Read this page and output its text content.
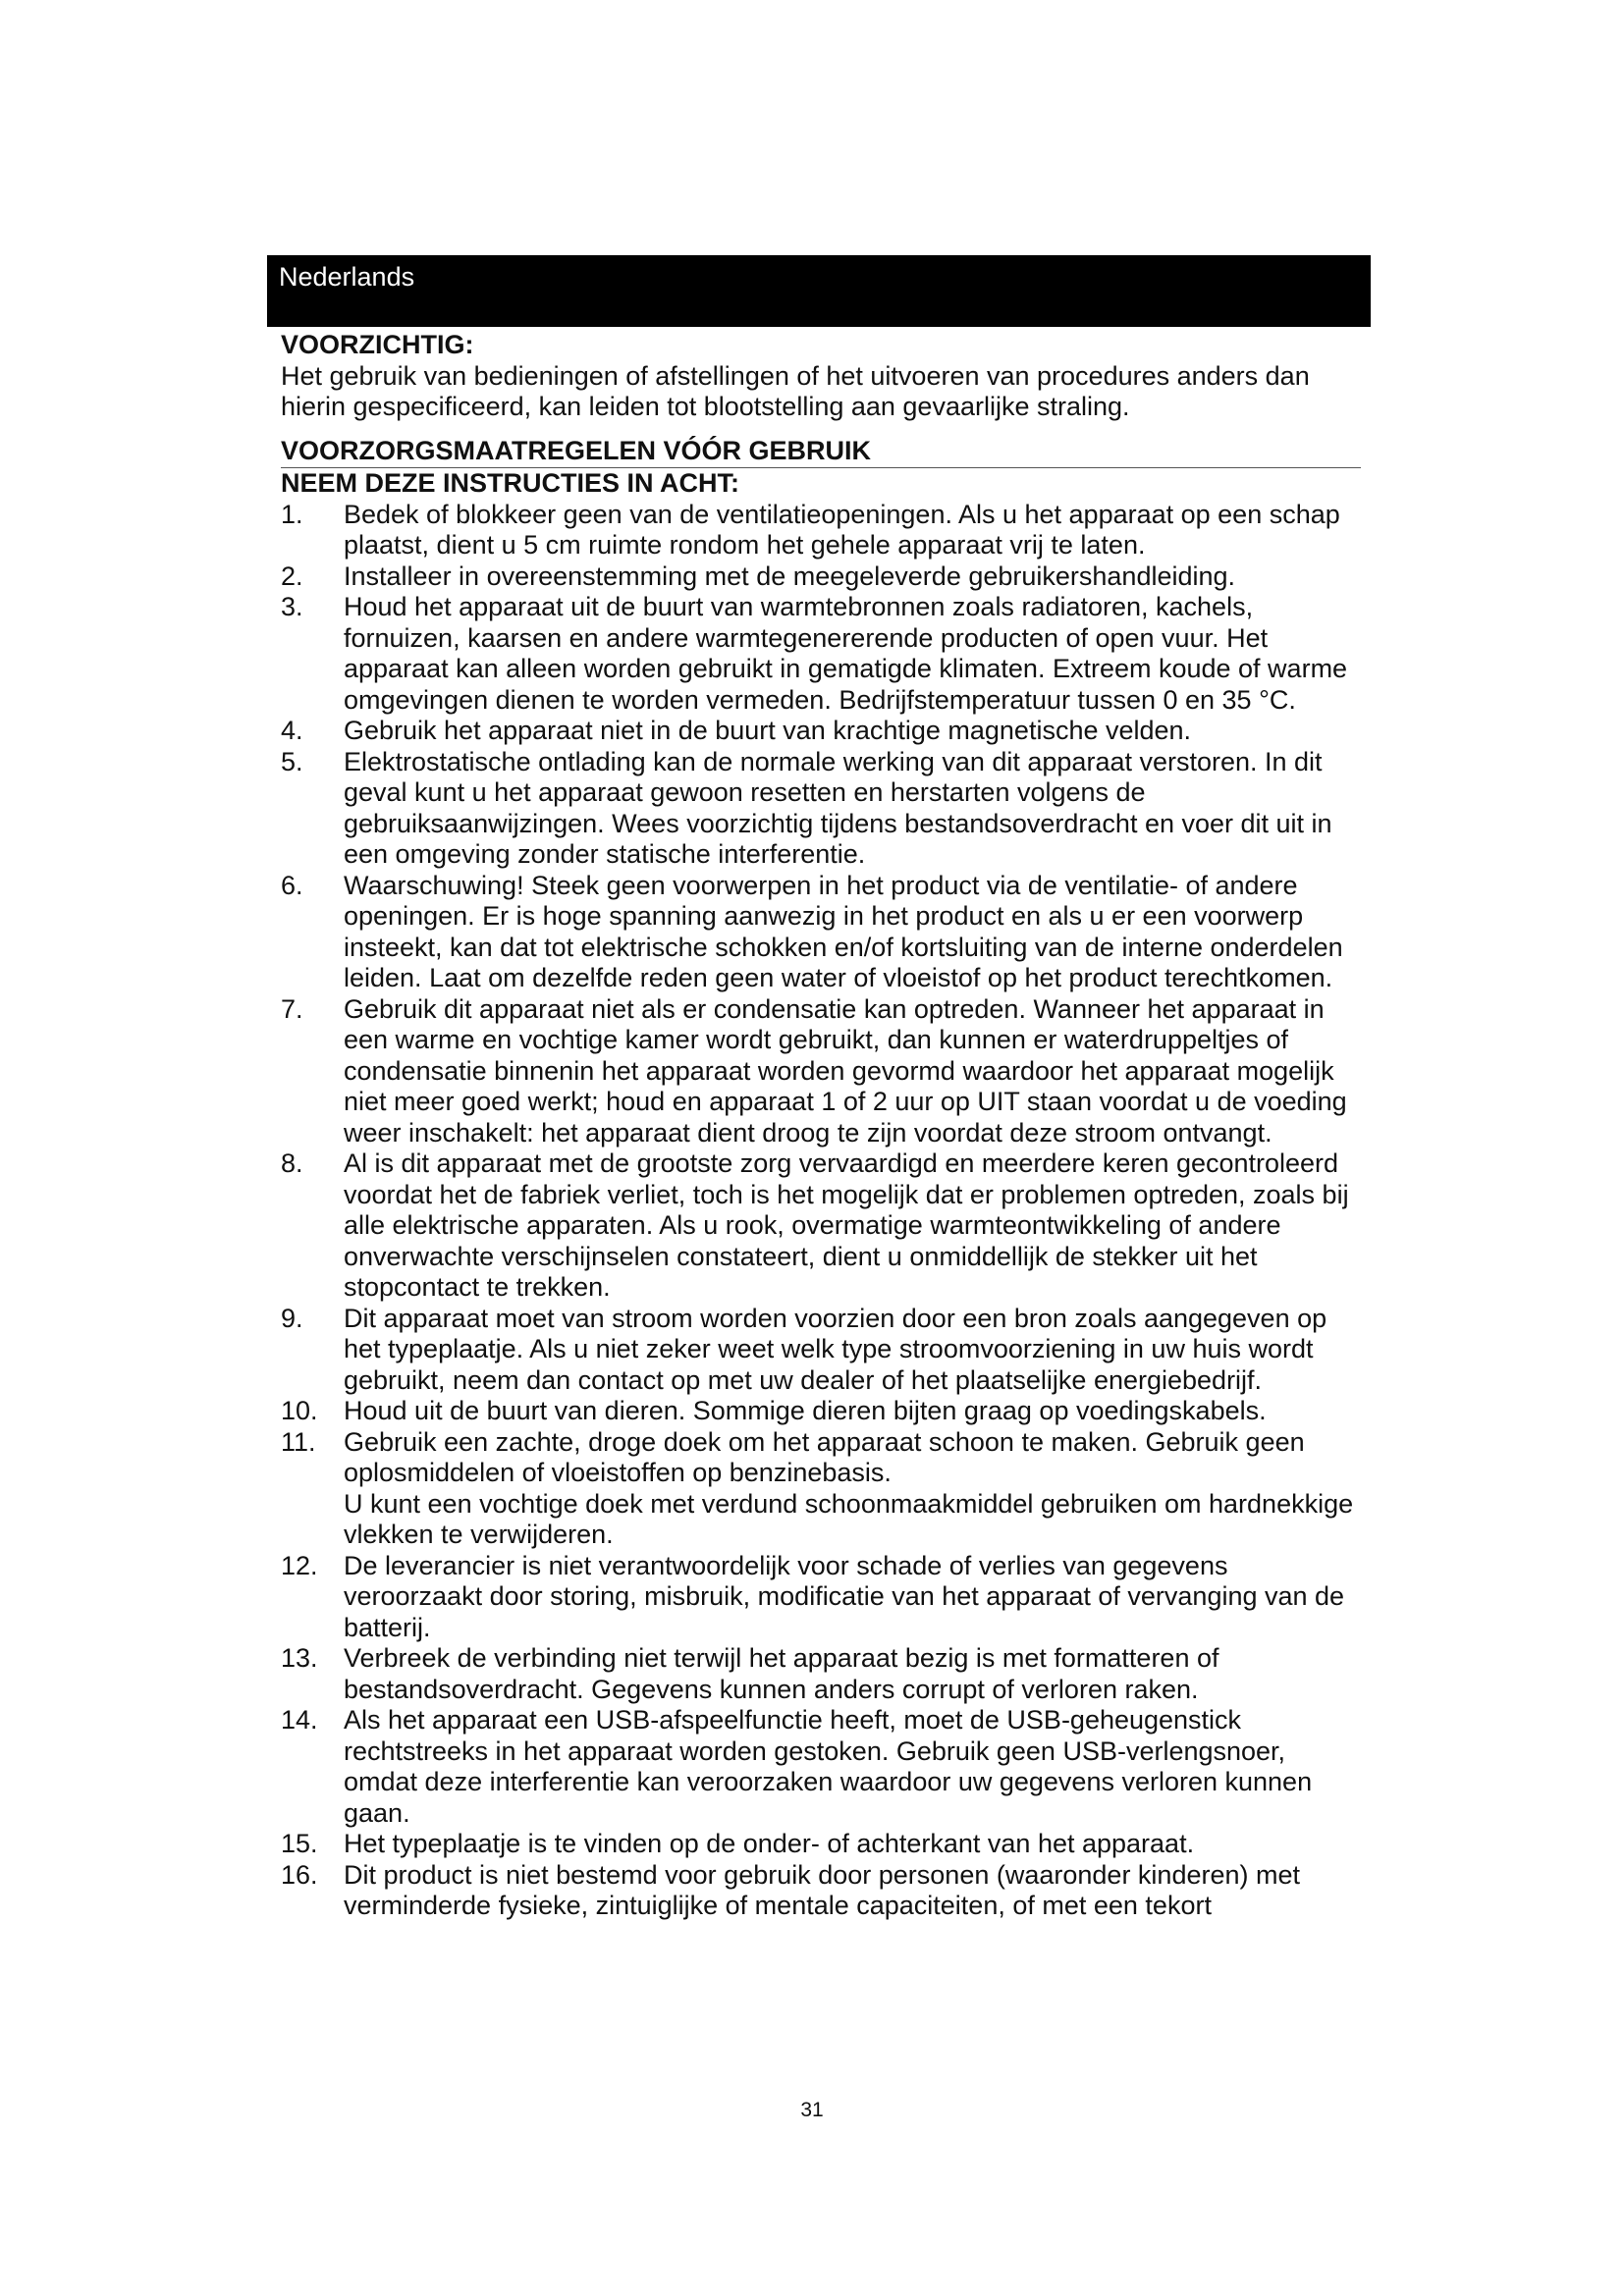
Nederlands
VOORZICHTIG:
Het gebruik van bedieningen of afstellingen of het uitvoeren van procedures anders dan hierin gespecificeerd, kan leiden tot blootstelling aan gevaarlijke straling.
VOORZORGSMAATREGELEN VÓÓR GEBRUIK
NEEM DEZE INSTRUCTIES IN ACHT:
1. Bedek of blokkeer geen van de ventilatieopeningen. Als u het apparaat op een schap plaatst, dient u 5 cm ruimte rondom het gehele apparaat vrij te laten.
2. Installeer in overeenstemming met de meegeleverde gebruikershandleiding.
3. Houd het apparaat uit de buurt van warmtebronnen zoals radiatoren, kachels, fornuizen, kaarsen en andere warmtegenererende producten of open vuur. Het apparaat kan alleen worden gebruikt in gematigde klimaten. Extreem koude of warme omgevingen dienen te worden vermeden. Bedrijfstemperatuur tussen 0 en 35 °C.
4. Gebruik het apparaat niet in de buurt van krachtige magnetische velden.
5. Elektrostatische ontlading kan de normale werking van dit apparaat verstoren. In dit geval kunt u het apparaat gewoon resetten en herstarten volgens de gebruiksaanwijzingen. Wees voorzichtig tijdens bestandsoverdracht en voer dit uit in een omgeving zonder statische interferentie.
6. Waarschuwing! Steek geen voorwerpen in het product via de ventilatie- of andere openingen. Er is hoge spanning aanwezig in het product en als u er een voorwerp insteekt, kan dat tot elektrische schokken en/of kortsluiting van de interne onderdelen leiden. Laat om dezelfde reden geen water of vloeistof op het product terechtkomen.
7. Gebruik dit apparaat niet als er condensatie kan optreden. Wanneer het apparaat in een warme en vochtige kamer wordt gebruikt, dan kunnen er waterdruppeltjes of condensatie binnenin het apparaat worden gevormd waardoor het apparaat mogelijk niet meer goed werkt; houd en apparaat 1 of 2 uur op UIT staan voordat u de voeding weer inschakelt: het apparaat dient droog te zijn voordat deze stroom ontvangt.
8. Al is dit apparaat met de grootste zorg vervaardigd en meerdere keren gecontroleerd voordat het de fabriek verliet, toch is het mogelijk dat er problemen optreden, zoals bij alle elektrische apparaten. Als u rook, overmatige warmteontwikkeling of andere onverwachte verschijnselen constateert, dient u onmiddellijk de stekker uit het stopcontact te trekken.
9. Dit apparaat moet van stroom worden voorzien door een bron zoals aangegeven op het typeplaatje. Als u niet zeker weet welk type stroomvoorziening in uw huis wordt gebruikt, neem dan contact op met uw dealer of het plaatselijke energiebedrijf.
10. Houd uit de buurt van dieren. Sommige dieren bijten graag op voedingskabels.
11. Gebruik een zachte, droge doek om het apparaat schoon te maken. Gebruik geen oplosmiddelen of vloeistoffen op benzinebasis.
U kunt een vochtige doek met verdund schoonmaakmiddel gebruiken om hardnekkige vlekken te verwijderen.
12. De leverancier is niet verantwoordelijk voor schade of verlies van gegevens veroorzaakt door storing, misbruik, modificatie van het apparaat of vervanging van de batterij.
13. Verbreek de verbinding niet terwijl het apparaat bezig is met formatteren of bestandsoverdracht. Gegevens kunnen anders corrupt of verloren raken.
14. Als het apparaat een USB-afspeelfunctie heeft, moet de USB-geheugenstick rechtstreeks in het apparaat worden gestoken. Gebruik geen USB-verlengsnoer, omdat deze interferentie kan veroorzaken waardoor uw gegevens verloren kunnen gaan.
15. Het typeplaatje is te vinden op de onder- of achterkant van het apparaat.
16. Dit product is niet bestemd voor gebruik door personen (waaronder kinderen) met verminderde fysieke, zintuiglijke of mentale capaciteiten, of met een tekort
31
